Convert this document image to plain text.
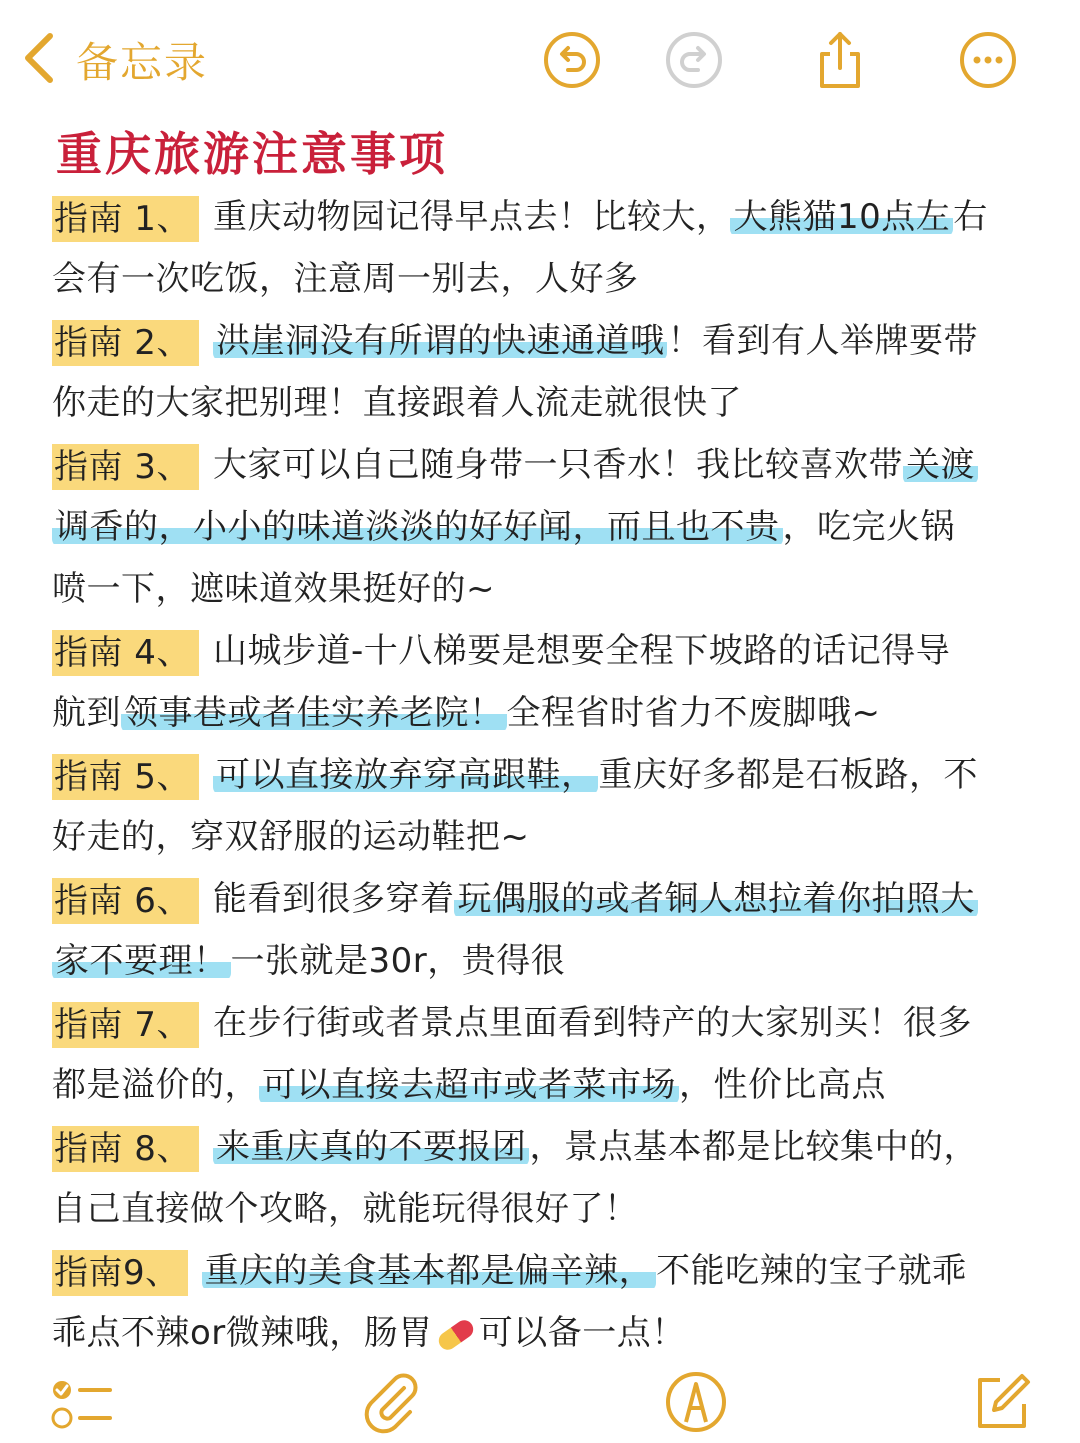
备忘录
重庆旅游注意事项
指南 1、 重庆动物园记得早点去！比较大，大熊猫10点左右
会有一次吃饭，注意周一别去，人好多
指南 2、 洪崖洞没有所谓的快速通道哦！看到有人举牌要带
你走的大家把别理！直接跟着人流走就很快了
指南 3、 大家可以自己随身带一只香水！我比较喜欢带关渡
调香的，小小的味道淡淡的好好闻，而且也不贵，吃完火锅
喷一下，遮味道效果挺好的~
指南 4、 山城步道-十八梯要是想要全程下坡路的话记得导
航到领事巷或者佳实养老院！全程省时省力不废脚哦~
指南 5、 可以直接放弃穿高跟鞋，重庆好多都是石板路，不
好走的，穿双舒服的运动鞋把~
指南 6、 能看到很多穿着玩偶服的或者铜人想拉着你拍照大
家不要理！一张就是30r，贵得很
指南 7、 在步行街或者景点里面看到特产的大家别买！很多
都是溢价的，可以直接去超市或者菜市场，性价比高点
指南 8、 来重庆真的不要报团，景点基本都是比较集中的，
自己直接做个攻略，就能玩得很好了！
指南9、 重庆的美食基本都是偏辛辣，不能吃辣的宝子就乖
乖点不辣or微辣哦，肠胃 可以备一点！
